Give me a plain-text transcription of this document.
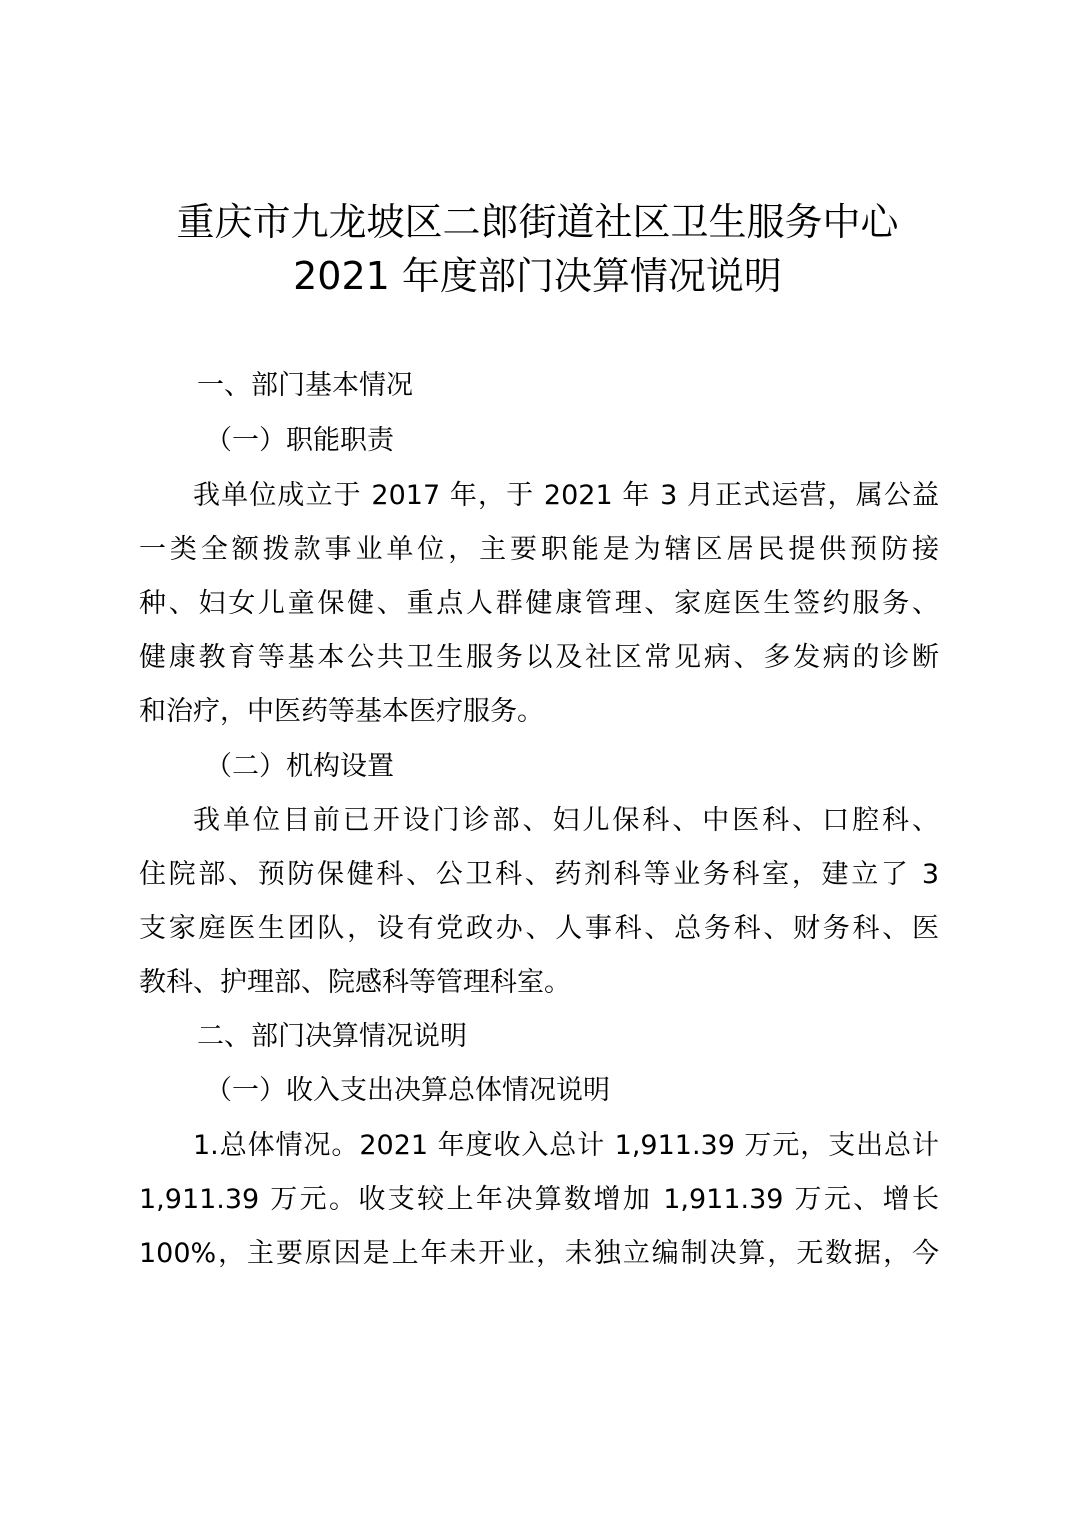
重庆市九龙坡区二郎街道社区卫生服务中心
2021 年度部门决算情况说明
一、部门基本情况
（一）职能职责
我单位成立于 2017 年，于 2021 年 3 月正式运营，属公益
一类全额拨款事业单位，主要职能是为辖区居民提供预防接
种、妇女儿童保健、重点人群健康管理、家庭医生签约服务、
健康教育等基本公共卫生服务以及社区常见病、多发病的诊断
和治疗，中医药等基本医疗服务。
（二）机构设置
我单位目前已开设门诊部、妇儿保科、中医科、口腔科、
住院部、预防保健科、公卫科、药剂科等业务科室，建立了 3
支家庭医生团队，设有党政办、人事科、总务科、财务科、医
教科、护理部、院感科等管理科室。
二、部门决算情况说明
（一）收入支出决算总体情况说明
1.总体情况。2021 年度收入总计 1,911.39 万元，支出总计
1,911.39 万元。收支较上年决算数增加 1,911.39 万元、增长
100%，主要原因是上年未开业，未独立编制决算，无数据，今
